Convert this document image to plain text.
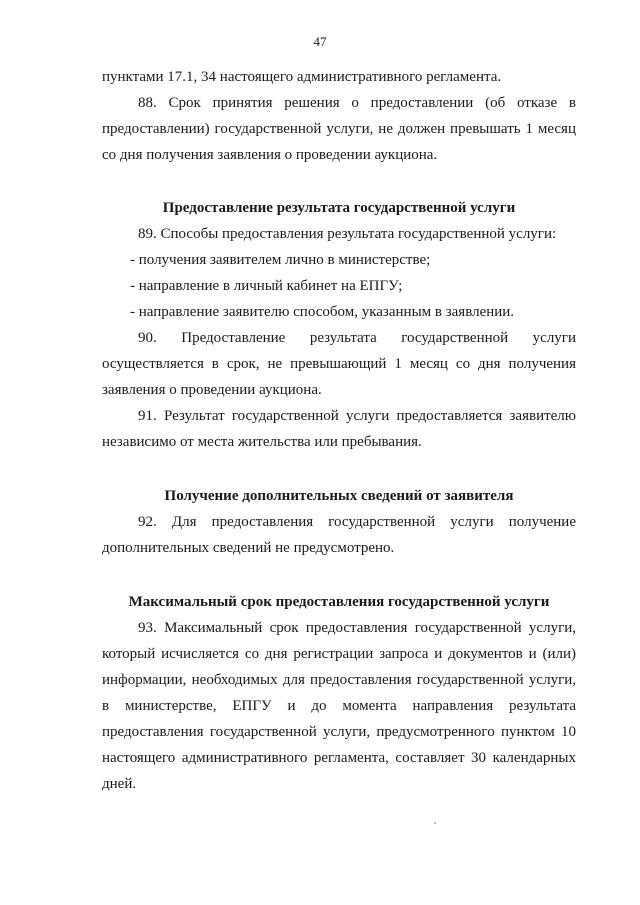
47

пунктами 17.1, 34 настоящего административного регламента.

88. Срок принятия решения о предоставлении (об отказе в предоставлении) государственной услуги, не должен превышать 1 месяц со дня получения заявления о проведении аукциона.

Предоставление результата государственной услуги

89. Способы предоставления результата государственной услуги:

- получения заявителем лично в министерстве;

- направление в личный кабинет на ЕПГУ;

- направление заявителю способом, указанным в заявлении.

90. Предоставление результата государственной услуги осуществляется в срок, не превышающий 1 месяц со дня получения заявления о проведении аукциона.

91. Результат государственной услуги предоставляется заявителю независимо от места жительства или пребывания.

Получение дополнительных сведений от заявителя

92. Для предоставления государственной услуги получение дополнительных сведений не предусмотрено.

Максимальный срок предоставления государственной услуги

93. Максимальный срок предоставления государственной услуги, который исчисляется со дня регистрации запроса и документов и (или) информации, необходимых для предоставления государственной услуги, в министерстве, ЕПГУ и до момента направления результата предоставления государственной услуги, предусмотренного пунктом 10 настоящего административного регламента, составляет 30 календарных дней.
